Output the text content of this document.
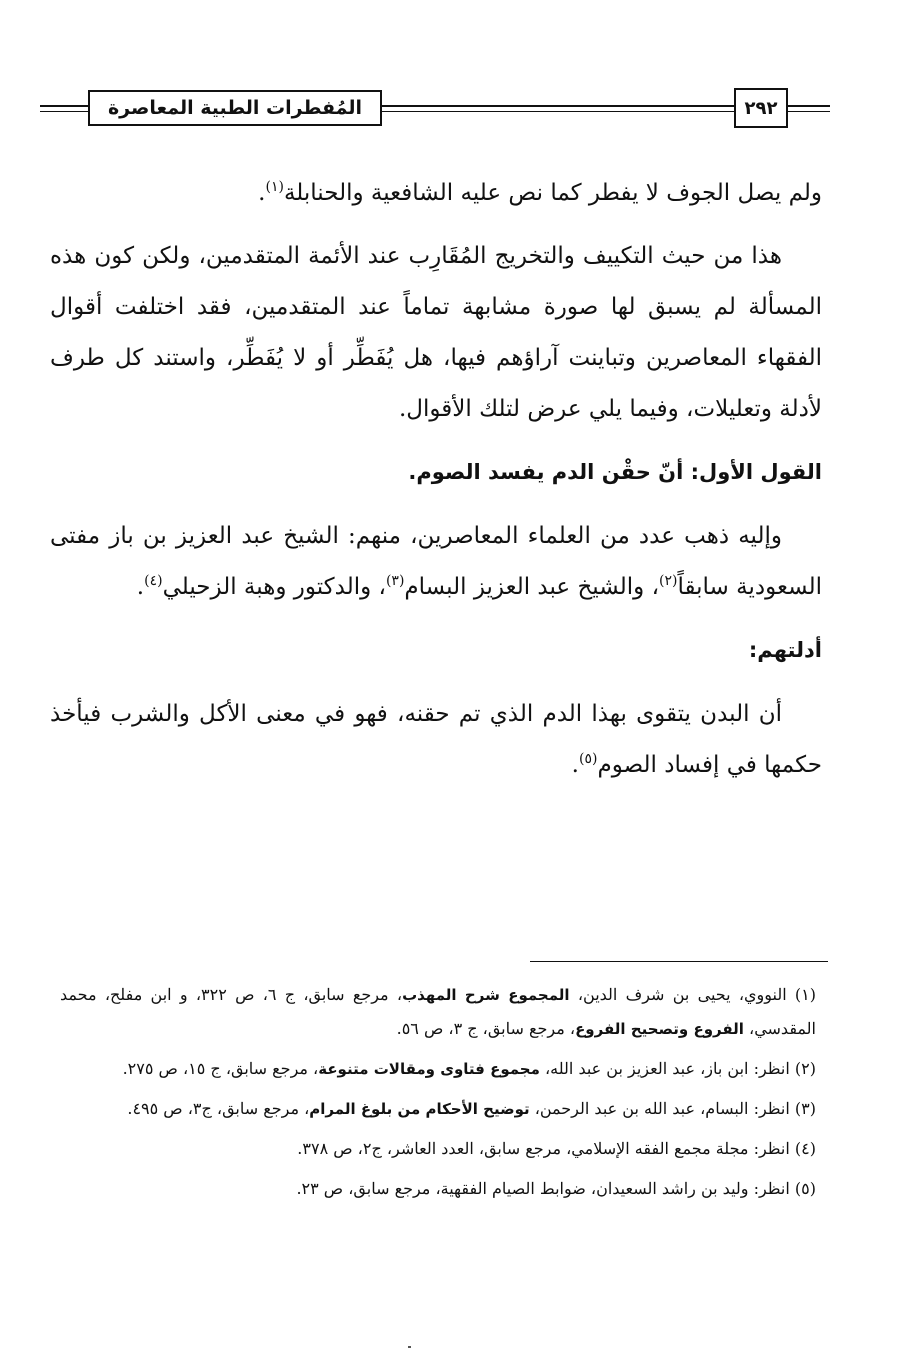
المُفطرات الطبية المعاصرة	٢٩٢

ولم يصل الجوف لا يفطر كما نص عليه الشافعية والحنابلة$^{(١)}$.

هذا من حيث التكييف والتخريج المُقَارِب عند الأئمة المتقدمين، ولكن كون هذه المسألة لم يسبق لها صورة مشابهة تماماً عند المتقدمين، فقد اختلفت أقوال الفقهاء المعاصرين وتباينت آراؤهم فيها، هل يُفَطِّر أو لا يُفَطِّر، واستند كل طرف لأدلة وتعليلات، وفيما يلي عرض لتلك الأقوال.

القول الأول: أنّ حقْن الدم يفسد الصوم.

وإليه ذهب عدد من العلماء المعاصرين، منهم: الشيخ عبد العزيز بن باز مفتى السعودية سابقاً$^{(٢)}$، والشيخ عبد العزيز البسام$^{(٣)}$، والدكتور وهبة الزحيلي$^{(٤)}$.

أدلتهم:

أن البدن يتقوى بهذا الدم الذي تم حقنه، فهو في معنى الأكل والشرب فيأخذ حكمها في إفساد الصوم$^{(٥)}$.

(١) النووي، يحيى بن شرف الدين، المجموع شرح المهذب، مرجع سابق، ج ٦، ص ٣٢٢، و ابن مفلح، محمد المقدسي، الفروع وتصحيح الفروع، مرجع سابق، ج ٣، ص ٥٦.

(٢) انظر: ابن باز، عبد العزيز بن عبد الله، مجموع فتاوى ومقالات متنوعة، مرجع سابق، ج ١٥، ص ٢٧٥.

(٣) انظر: البسام، عبد الله بن عبد الرحمن، توضيح الأحكام من بلوغ المرام، مرجع سابق، ج٣، ص ٤٩٥.

(٤) انظر: مجلة مجمع الفقه الإسلامي، مرجع سابق، العدد العاشر، ج٢، ص ٣٧٨.

(٥) انظر: وليد بن راشد السعيدان، ضوابط الصيام الفقهية، مرجع سابق، ص ٢٣.
